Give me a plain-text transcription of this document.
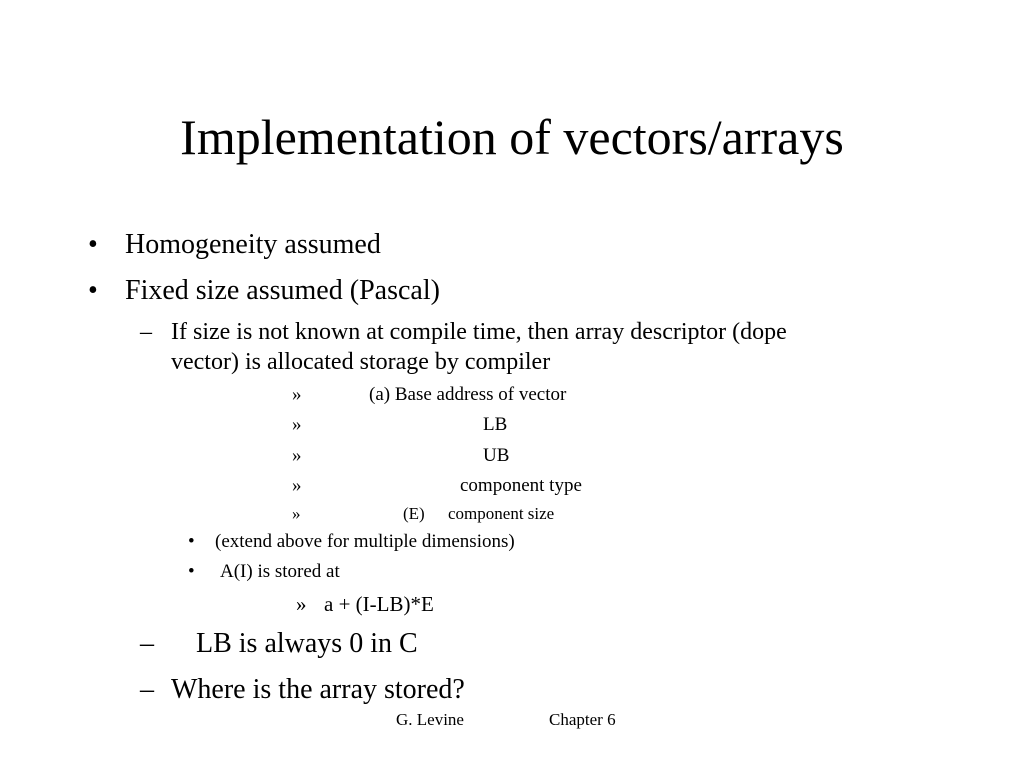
Implementation of vectors/arrays
• Homogeneity assumed
• Fixed size assumed (Pascal)
– If size is not known at compile time, then array descriptor (dope
vector) is allocated storage by compiler
»	(a) Base address of vector
»	LB
»	UB
»	component type
»	(E) component size
• (extend above for multiple dimensions)
• A(I) is stored at
» a + (I-LB)*E
– LB is always 0 in C
– Where is the array stored?
G. Levine	Chapter 6
